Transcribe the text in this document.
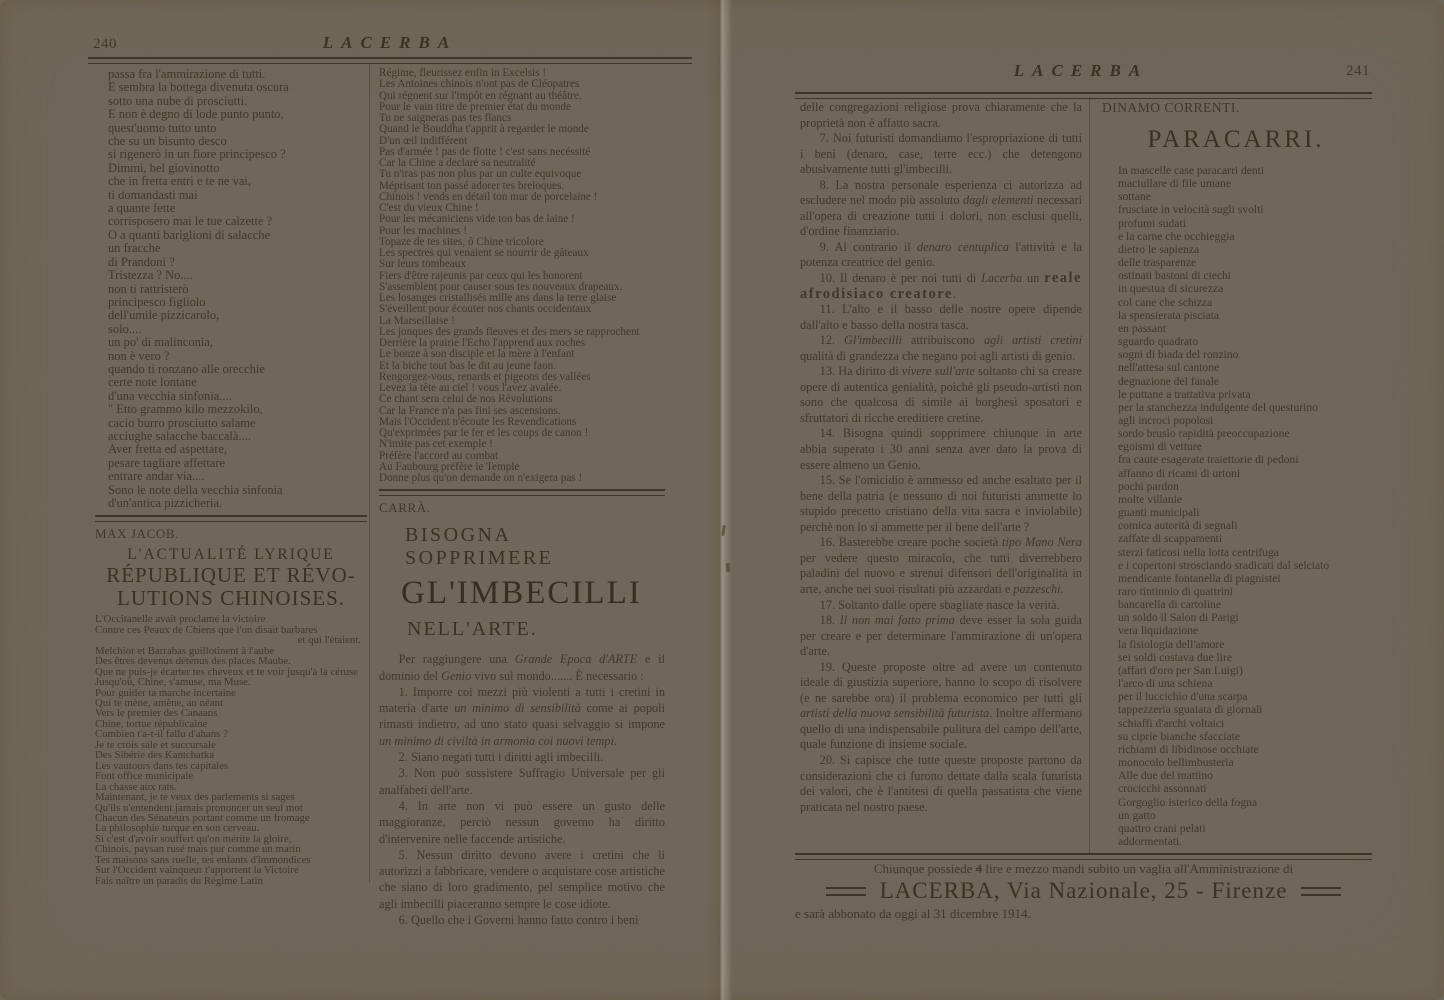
240	LACERBA
passa fra l'ammirazione di tutti.
E sembra la bottega divenuta oscura
sotto una nube di prosciutti.
E non è degno di lode punto punto,
quest'uomo tutto unto
che su un bisunto desco
si rigenerò in un fiore principesco ?
Dimmi, bel giovinotto
che in fretta entri e te ne vai,
ti domandasti mai
a quante fette
corrisposero mai le tue calzette ?
O a quanti bariglioni di salacche
un fracche
di Prandoni ?
Tristezza ? No....
non ti rattristerò
principesco figliolo
dell'umile pizzicarolo,
solo....
un po' di malinconia,
non è vero ?
quando ti ronzano alle orecchie
certe note lontane
d'una vecchia sinfonia....
" Etto grammo kilo mezzokilo,
cacio burro prosciutto salame
acciughe salacche baccalà....
Aver fretta ed aspettare,
pesare tagliare affettare
entrare andar via....
Sono le note della vecchia sinfonia
d'un'antica pizzicheria.
MAX JACOB.
L'ACTUALITÉ LYRIQUE
RÉPUBLIQUE ET RÉVO-
LUTIONS CHINOISES.
L'Occitanelle avait proclamé la victoire
Contre ces Peaux de Chiens que l'on disait barbares
et qui l'étaient.
Melchior et Barrabas guillotinent à l'aube
Des êtres devenus détenus des places Maube.
Que ne puis-je écarter tes cheveux et te voir jusqu'à la céruse
Jusqu'où, Chine, s'amuse, ma Muse.
Pour guider ta marche incertaine
Qui te mène, amène, au néant
Vers le premier des Canaans
Chine, tortue républicaine
Combien t'a-t-il fallu d'ahans ?
Je te crois sale et succursale
Des Sibérie des Kantchatka
Les vautours dans tes capitales
Font office municipale
La chasse aux rats.
Maintenant, je te veux des parlements si sages
Qu'ils n'entendent jamais prononcer un seul mot
Chacun des Sénateurs portant comme un fromage
La philosophie turque en son cerveau.
Si c'est d'avoir souffert qu'on mérite la gloire,
Chinois, paysan rusé mais pur comme un marin
Tes maisons sans ruelle, tes enfants d'immondices
Sur l'Occident vainqueur t'apportent la Victoire
Fais naître un paradis du Régime Latin
Régime, fleurissez enfin in Excelsis !
Les Antoines chinois n'ont pas de Cléopatres
Qui régnent sur l'impôt en régnant au théâtre.
Pour le vain titre de premier état du monde
Tu ne saigneras pas tes flancs
Quand le Bouddha t'apprit à regarder le monde
D'un œil indifférent
Pas d'armée ! pas de flotte ! c'est sans necéssité
Car la Chine a declaré sa neutralité
Tu n'iras pas non plus par un culte equivoque
Méprisant ton passé adorer tes breloques.
Chinois ! vends en détail ton mur de porcelaine !
C'est du vieux Chine !
Pour les mécaniciens vide ton bas de laine !
Pour les machines !
Topaze de tes sites, ô Chine tricolore
Les spectres qui venaient se nourrir de gâteaux
Sur leurs tombeaux
Fiers d'être rajeunis par ceux qui les honorent
S'assemblent pour causer sous tes nouveaux drapeaux.
Les losanges cristallisés mille ans dans la terre glaise
S'éveillent pour écouter nos chants occidentaux
La Marseillaise !
Les jonques des grands fleuves et des mers se rapprochent
Derrière la prairie l'Echo l'apprend aux roches
Le bonze à son disciple et la mère à l'enfant
Et la biche tout bas le dit au jeune faon.
Rengorgez-vous, renards et pigeons des vallées
Levez la tête au ciel ! vous l'avez avalée.
Ce chant sera celui de nos Révolutions
Car la France n'a pas fini ses ascensions.
Mais l'Occident n'écoute les Revendications
Qu'exprimées par le fer et les coups de canon !
N'imite pas cet exemple !
Préfère l'accord au combat
Au Faubourg préfère le Temple
Donne plus qu'on demande on n'exigera pas !
CARRÀ.
BISOGNA SOPPRIMERE
GL'IMBECILLI
NELL'ARTE.

Per raggiungere una Grande Epoca d'ARTE e il dominio del Genio vivo sul mondo....... È necessario :

1. Imporre coi mezzi più violenti a tutti i cretini in materia d'arte un minimo di sensibilità come ai popoli rimasti indietro, ad uno stato quasi selvaggio si impone un minimo di civiltà in armonia coi nuovi tempi.
2. Siano negati tutti i diritti agli imbecilli.
3. Non può sussistere Suffragio Universale per gli analfabeti dell'arte.
4. In arte non vi può essere un gusto delle maggioranze, perciò nessun governo ha diritto d'intervenire nelle faccende artistiche.
5. Nessun diritto devono avere i cretini che li autorizzi a fabbricare, vendere o acquistare cose artistiche che siano di loro gradimento, pel semplice motivo che agli imbecilli piaceranno sempre le cose idiote.
6. Quello che i Governi hanno fatto contro i beni
LACERBA	241

delle congregazioni religiose prova chiaramente che la proprietà non è affatto sacra.

7. Noi futuristi domandiamo l'espropriazione di tutti i beni (denaro, case, terre ecc.) che detengono abusivamente tutti gl'imbecilli.
8. La nostra personale esperienza ci autorizza ad escludere nel modo più assoluto dagli elementi necessari all'opera di creazione tutti i dolori, non esclusi quelli, d'ordine finanziario.
9. Al contrario il denaro centuplica l'attività e la potenza creatrice del genio.
10. Il denaro è per noi tutti di Lacerba un reale afrodisiaco creatore.
11. L'alto e il basso delle nostre opere dipende dall'alto e basso della nostra tasca.
12. Gl'imbecilli attribuiscono agli artisti cretini qualità di grandezza che negano poi agli artisti di genio.
13. Ha diritto di vivere sull'arte soltanto chi sa creare opere di autentica genialità, poiché gli pseudo-artisti non sono che qualcosa di simile ai borghesi sposatori e sfruttatori di ricche ereditiere cretine.
14. Bisogna quindi sopprimere chiunque in arte abbia superato i 30 anni senza aver dato la prova di essere almeno un Genio.
15. Se l'omicidio è ammesso ed anche esaltato per il bene della patria (e nessuno di noi futuristi ammette lo stupido precetto cristiano della vita sacra e inviolabile) perchè non lo si ammette per il bene dell'arte ?
16. Basterebbe creare poche società tipo Mano Nera per vedere questo miracolo, che tutti diverrebbero paladini del nuovo e strenui difensori dell'originalità in arte, anche nei suoi risultati più azzardati e pazzeschi.
17. Soltanto dalle opere sbagliate nasce la verità.
18. Il non mai fatto prima deve esser la sola guida per creare e per determinare l'ammirazione di un'opera d'arte.
19. Queste proposte oltre ad avere un contenuto ideale di giustizia superiore, hanno lo scopo di risolvere (e ne sarebbe ora) il problema economico per tutti gli artisti della nuova sensibilità futurista. Inoltre affermano quello di una indispensabile pulitura del campo dell'arte, quale funzione di insieme sociale.
20. Si capisce che tutte queste proposte partono da considerazioni che ci furono dettate dalla scala futurista dei valori, che è l'antitesi di quella passatista che viene praticata nel nostro paese.
DINAMO CORRENTI.
PARACARRI.
In mascelle case paracarri denti
maciullare di file umane
sottane
frusciate in velocità sugli svolti
profumi sudati
e la carne che occhieggia
dietro le sapienza
delle trasparenze
ostinati bastoni di ciechi
in questua di sicurezza
col cane che schizza
la spensierata pisciata
en passant
sguardo quadrato
sogni di biada del ronzino
nell'attesa sul cantone
degnazione del fanale
le puttane a trattativa privata
per la stanchezza indulgente del questurino
agli incroci popolosi
sordo brusìo rapidità preoccupazione
egoismi di vetture
fra caute esagerate traiettorie di pedoni
affanno di ricami di urtoni
pochi pardon
molte villanie
guanti municipali
comica autorità di segnali
zaffate di scappamenti
sterzi faticosi nella lotta centrifuga
e i copertoni strosciando sradicati dal selciato
mendicante fontanella di piagnistei
raro tintinnio di quattrini
bancarella di cartoline
un soldo il Salon di Parigi
vera liquidazione
la fisiologia dell'amore
sei soldi costava due lire
(affari d'oro per San Luigi)
l'arco di una schiena
per il luccichìo d'una scarpa
tappezzeria sguaiata di giornali
schiaffi d'archi voltaici
su ciprie bianche sfacciate
richiami di libidinose occhiate
monocolo bellimbusteria
Alle due del mattino
crocicchi assonnati
Gorgoglio isterico della fogna
un gatto
quattro crani pelati
addormentati.
Chiunque possiede 4 lire e mezzo mandi subito un vaglia all'Amministrazione di
LACERBA, Via Nazionale, 25 - Firenze
e sarà abbonato da oggi al 31 dicembre 1914.
